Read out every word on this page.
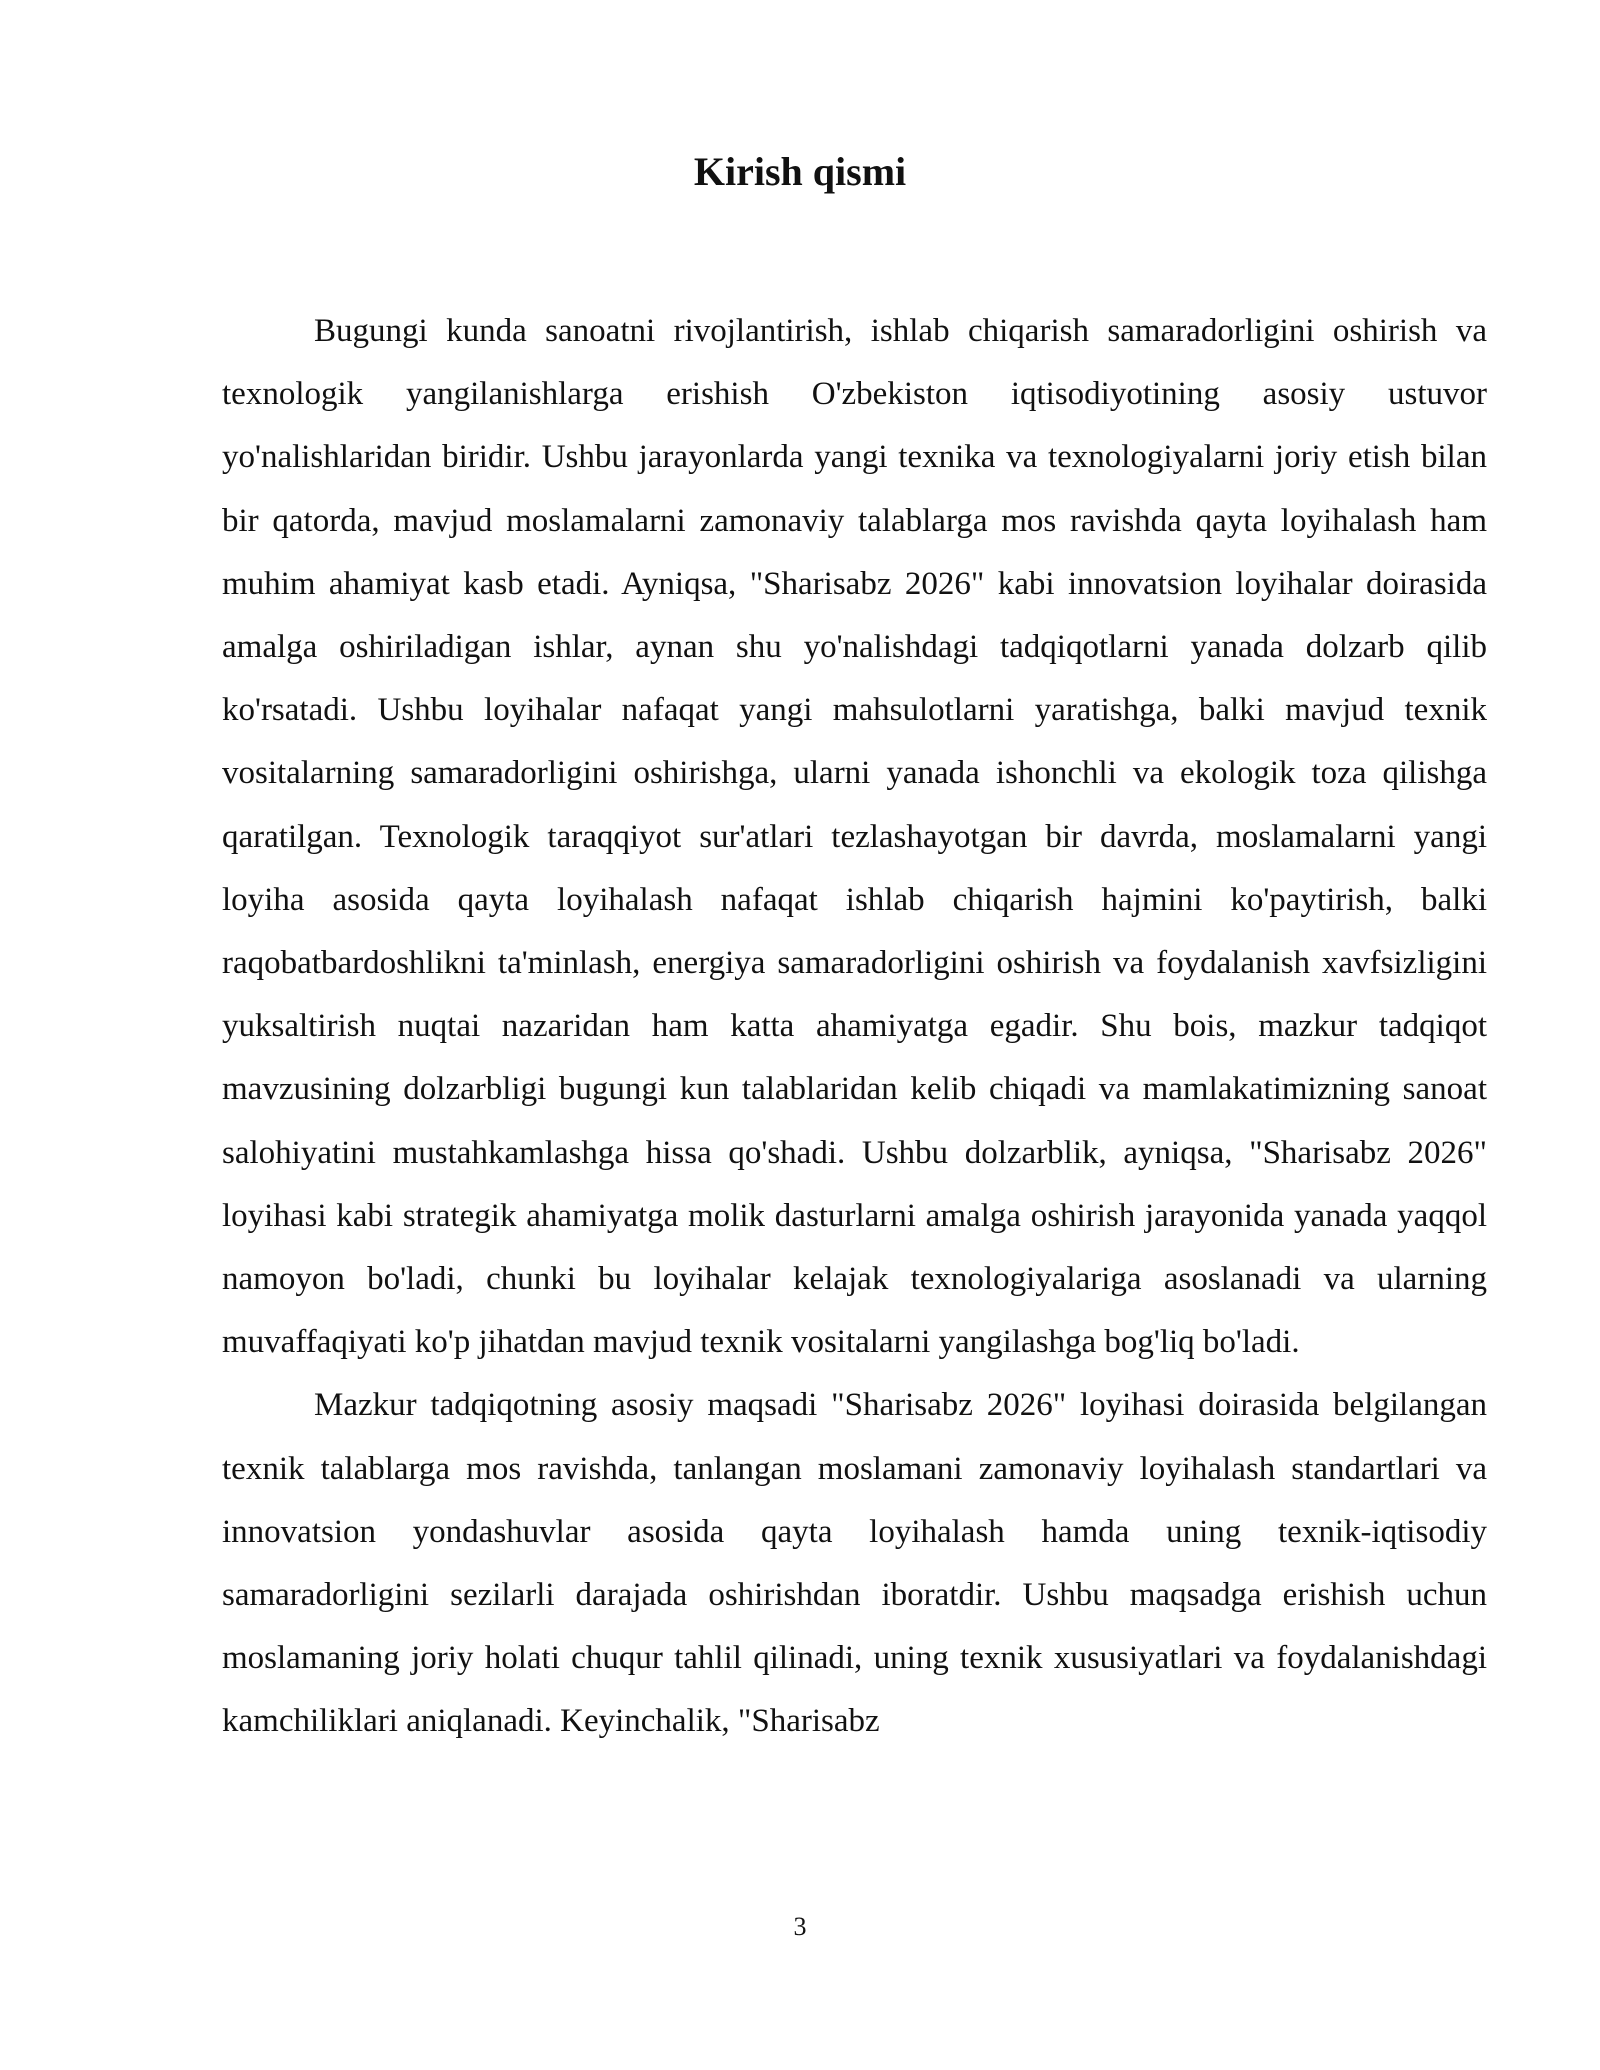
Kirish qismi

Bugungi kunda sanoatni rivojlantirish, ishlab chiqarish samaradorligini oshirish va texnologik yangilanishlarga erishish O'zbekiston iqtisodiyotining asosiy ustuvor yo'nalishlaridan biridir. Ushbu jarayonlarda yangi texnika va texnologiyalarni joriy etish bilan bir qatorda, mavjud moslamalarni zamonaviy talablarga mos ravishda qayta loyihalash ham muhim ahamiyat kasb etadi. Ayniqsa, "Sharisabz 2026" kabi innovatsion loyihalar doirasida amalga oshiriladigan ishlar, aynan shu yo'nalishdagi tadqiqotlarni yanada dolzarb qilib ko'rsatadi. Ushbu loyihalar nafaqat yangi mahsulotlarni yaratishga, balki mavjud texnik vositalarning samaradorligini oshirishga, ularni yanada ishonchli va ekologik toza qilishga qaratilgan. Texnologik taraqqiyot sur'atlari tezlashayotgan bir davrda, moslamalarni yangi loyiha asosida qayta loyihalash nafaqat ishlab chiqarish hajmini ko'paytirish, balki raqobatbardoshlikni ta'minlash, energiya samaradorligini oshirish va foydalanish xavfsizligini yuksaltirish nuqtai nazaridan ham katta ahamiyatga egadir. Shu bois, mazkur tadqiqot mavzusining dolzarbligi bugungi kun talablaridan kelib chiqadi va mamlakatimizning sanoat salohiyatini mustahkamlashga hissa qo'shadi. Ushbu dolzarblik, ayniqsa, "Sharisabz 2026" loyihasi kabi strategik ahamiyatga molik dasturlarni amalga oshirish jarayonida yanada yaqqol namoyon bo'ladi, chunki bu loyihalar kelajak texnologiyalariga asoslanadi va ularning muvaffaqiyati ko'p jihatdan mavjud texnik vositalarni yangilashga bog'liq bo'ladi.

Mazkur tadqiqotning asosiy maqsadi "Sharisabz 2026" loyihasi doirasida belgilangan texnik talablarga mos ravishda, tanlangan moslamani zamonaviy loyihalash standartlari va innovatsion yondashuvlar asosida qayta loyihalash hamda uning texnik-iqtisodiy samaradorligini sezilarli darajada oshirishdan iboratdir. Ushbu maqsadga erishish uchun moslamaning joriy holati chuqur tahlil qilinadi, uning texnik xususiyatlari va foydalanishdagi kamchiliklari aniqlanadi. Keyinchalik, "Sharisabz

3
